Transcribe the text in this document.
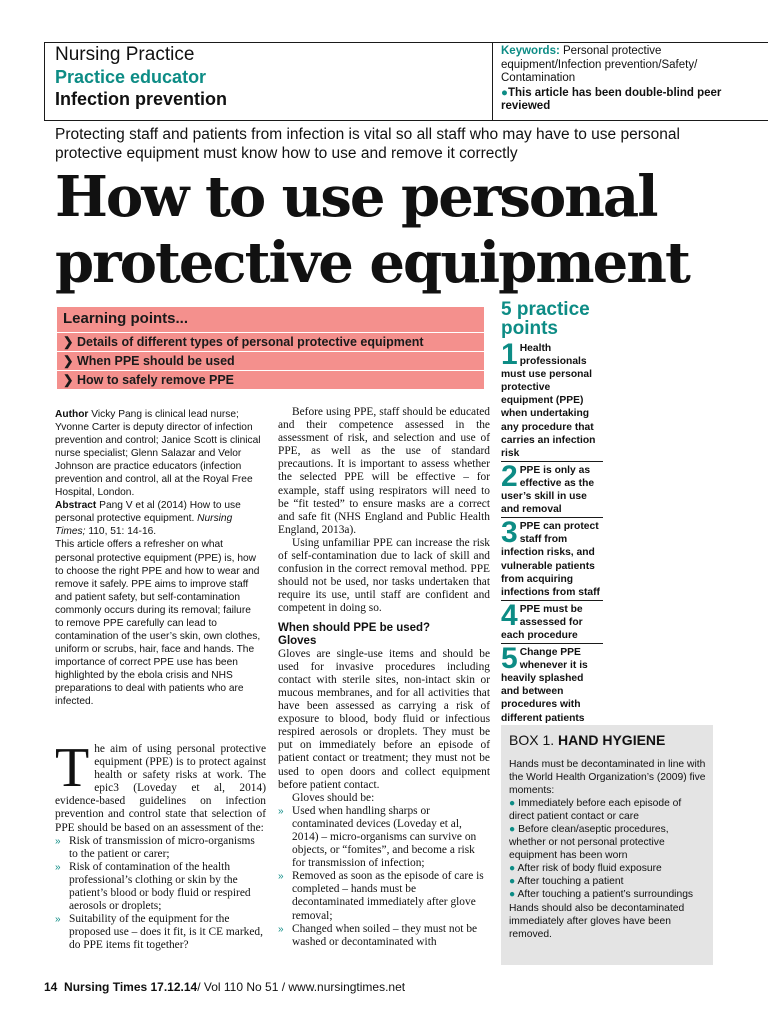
Nursing Practice
Practice educator
Infection prevention
Keywords: Personal protective equipment/Infection prevention/Safety/ Contamination
●This article has been double-blind peer reviewed
Protecting staff and patients from infection is vital so all staff who may have to use personal protective equipment must know how to use and remove it correctly
How to use personal protective equipment
Learning points...
❯ Details of different types of personal protective equipment
❯ When PPE should be used
❯ How to safely remove PPE
Author Vicky Pang is clinical lead nurse; Yvonne Carter is deputy director of infection prevention and control; Janice Scott is clinical nurse specialist; Glenn Salazar and Velor Johnson are practice educators (infection prevention and control, all at the Royal Free Hospital, London.
Abstract Pang V et al (2014) How to use personal protective equipment. Nursing Times; 110, 51: 14-16.
This article offers a refresher on what personal protective equipment (PPE) is, how to choose the right PPE and how to wear and remove it safely. PPE aims to improve staff and patient safety, but self-contamination commonly occurs during its removal; failure to remove PPE carefully can lead to contamination of the user’s skin, own clothes, uniform or scrubs, hair, face and hands. The importance of correct PPE use has been highlighted by the ebola crisis and NHS preparations to deal with patients who are infected.
The aim of using personal protective equipment (PPE) is to protect against health or safety risks at work. The epic3 (Loveday et al, 2014) evidence-based guidelines on infection prevention and control state that selection of PPE should be based on an assessment of the:
» Risk of transmission of micro-organisms to the patient or carer;
» Risk of contamination of the health professional’s clothing or skin by the patient’s blood or body fluid or respired aerosols or droplets;
» Suitability of the equipment for the proposed use – does it fit, is it CE marked, do PPE items fit together?
Before using PPE, staff should be educated and their competence assessed in the assessment of risk, and selection and use of PPE, as well as the use of standard precautions. It is important to assess whether the selected PPE will be effective – for example, staff using respirators will need to be “fit tested” to ensure masks are a correct and safe fit (NHS England and Public Health England, 2013a).
Using unfamiliar PPE can increase the risk of self-contamination due to lack of skill and confusion in the correct removal method. PPE should not be used, nor tasks undertaken that require its use, until staff are confident and competent in doing so.
When should PPE be used?
Gloves
Gloves are single-use items and should be used for invasive procedures including contact with sterile sites, non-intact skin or mucous membranes, and for all activities that have been assessed as carrying a risk of exposure to blood, body fluid or infectious respired aerosols or droplets. They must be put on immediately before an episode of patient contact or treatment; they must not be used to open doors and collect equipment before patient contact.
Gloves should be:
» Used when handling sharps or contaminated devices (Loveday et al, 2014) – micro-organisms can survive on objects, or “fomites”, and become a risk for transmission of infection;
» Removed as soon as the episode of care is completed – hands must be decontaminated immediately after glove removal;
» Changed when soiled – they must not be washed or decontaminated with
5 practice points
1 Health professionals must use personal protective equipment (PPE) when undertaking any procedure that carries an infection risk
2 PPE is only as effective as the user’s skill in use and removal
3 PPE can protect staff from infection risks, and vulnerable patients from acquiring infections from staff
4 PPE must be assessed for each procedure
5 Change PPE whenever it is heavily splashed and between procedures with different patients
BOX 1. HAND HYGIENE
Hands must be decontaminated in line with the World Health Organization’s (2009) five moments:
● Immediately before each episode of direct patient contact or care
● Before clean/aseptic procedures, whether or not personal protective equipment has been worn
● After risk of body fluid exposure
● After touching a patient
● After touching a patient’s surroundings
Hands should also be decontaminated immediately after gloves have been removed.
14 Nursing Times 17.12.14/ Vol 110 No 51 / www.nursingtimes.net
